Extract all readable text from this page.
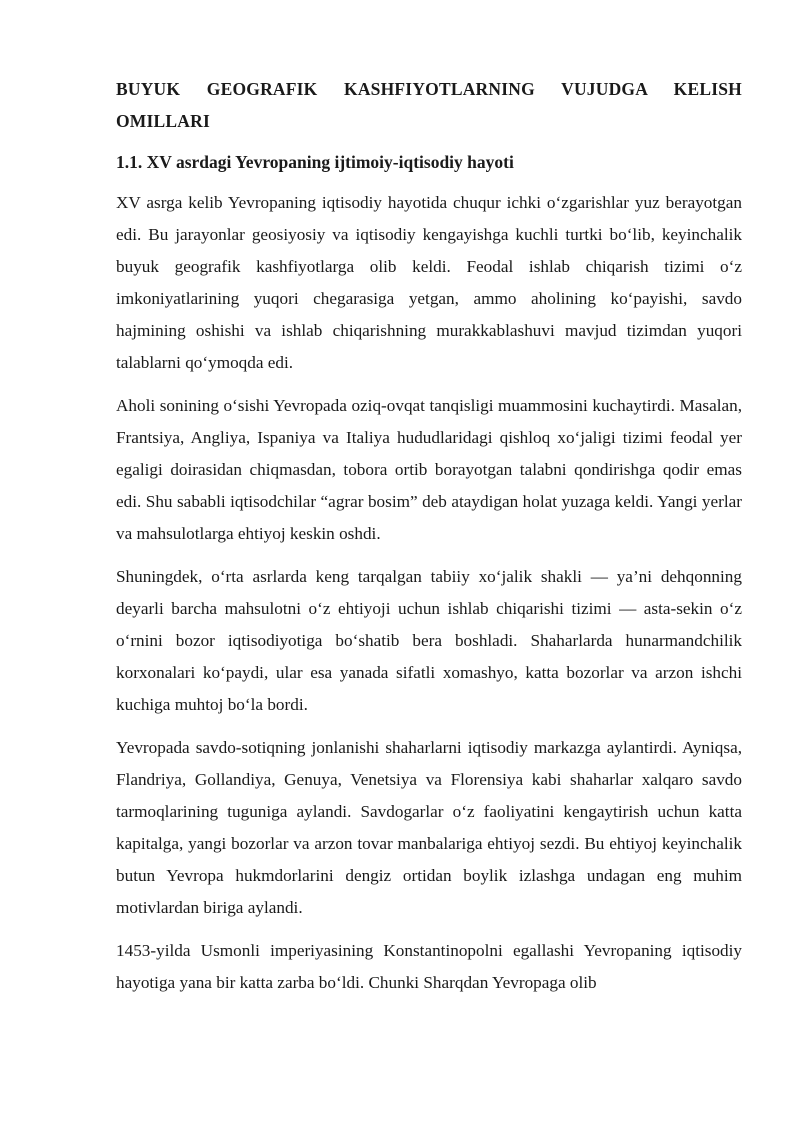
BUYUK GEOGRAFIK KASHFIYOTLARNING VUJUDGA KELISH OMILLARI
1.1. XV asrdagi Yevropaning ijtimoiy-iqtisodiy hayoti

XV asrga kelib Yevropaning iqtisodiy hayotida chuqur ichki o‘zgarishlar yuz berayotgan edi. Bu jarayonlar geosiyosiy va iqtisodiy kengayishga kuchli turtki bo‘lib, keyinchalik buyuk geografik kashfiyotlarga olib keldi. Feodal ishlab chiqarish tizimi o‘z imkoniyatlarining yuqori chegarasiga yetgan, ammo aholining ko‘payishi, savdo hajmining oshishi va ishlab chiqarishning murakkablashuvi mavjud tizimdan yuqori talablarni qo‘ymoqda edi.

Aholi sonining o‘sishi Yevropada oziq-ovqat tanqisligi muammosini kuchaytirdi. Masalan, Frantsiya, Angliya, Ispaniya va Italiya hududlaridagi qishloq xo‘jaligi tizimi feodal yer egaligi doirasidan chiqmasdan, tobora ortib borayotgan talabni qondirishga qodir emas edi. Shu sababli iqtisodchilar “agrar bosim” deb ataydigan holat yuzaga keldi. Yangi yerlar va mahsulotlarga ehtiyoj keskin oshdi.

Shuningdek, o‘rta asrlarda keng tarqalgan tabiiy xo‘jalik shakli — ya’ni dehqonning deyarli barcha mahsulotni o‘z ehtiyoji uchun ishlab chiqarishi tizimi — asta-sekin o‘z o‘rnini bozor iqtisodiyotiga bo‘shatib bera boshladi. Shaharlarda hunarmandchilik korxonalari ko‘paydi, ular esa yanada sifatli xomashyo, katta bozorlar va arzon ishchi kuchiga muhtoj bo‘la bordi.

Yevropada savdo-sotiqning jonlanishi shaharlarni iqtisodiy markazga aylantirdi. Ayniqsa, Flandriya, Gollandiya, Genuya, Venetsiya va Florensiya kabi shaharlar xalqaro savdo tarmoqlarining tuguniga aylandi. Savdogarlar o‘z faoliyatini kengaytirish uchun katta kapitalga, yangi bozorlar va arzon tovar manbalariga ehtiyoj sezdi. Bu ehtiyoj keyinchalik butun Yevropa hukmdorlarini dengiz ortidan boylik izlashga undagan eng muhim motivlardan biriga aylandi.

1453-yilda Usmonli imperiyasining Konstantinopolni egallashi Yevropaning iqtisodiy hayotiga yana bir katta zarba bo‘ldi. Chunki Sharqdan Yevropaga olib
